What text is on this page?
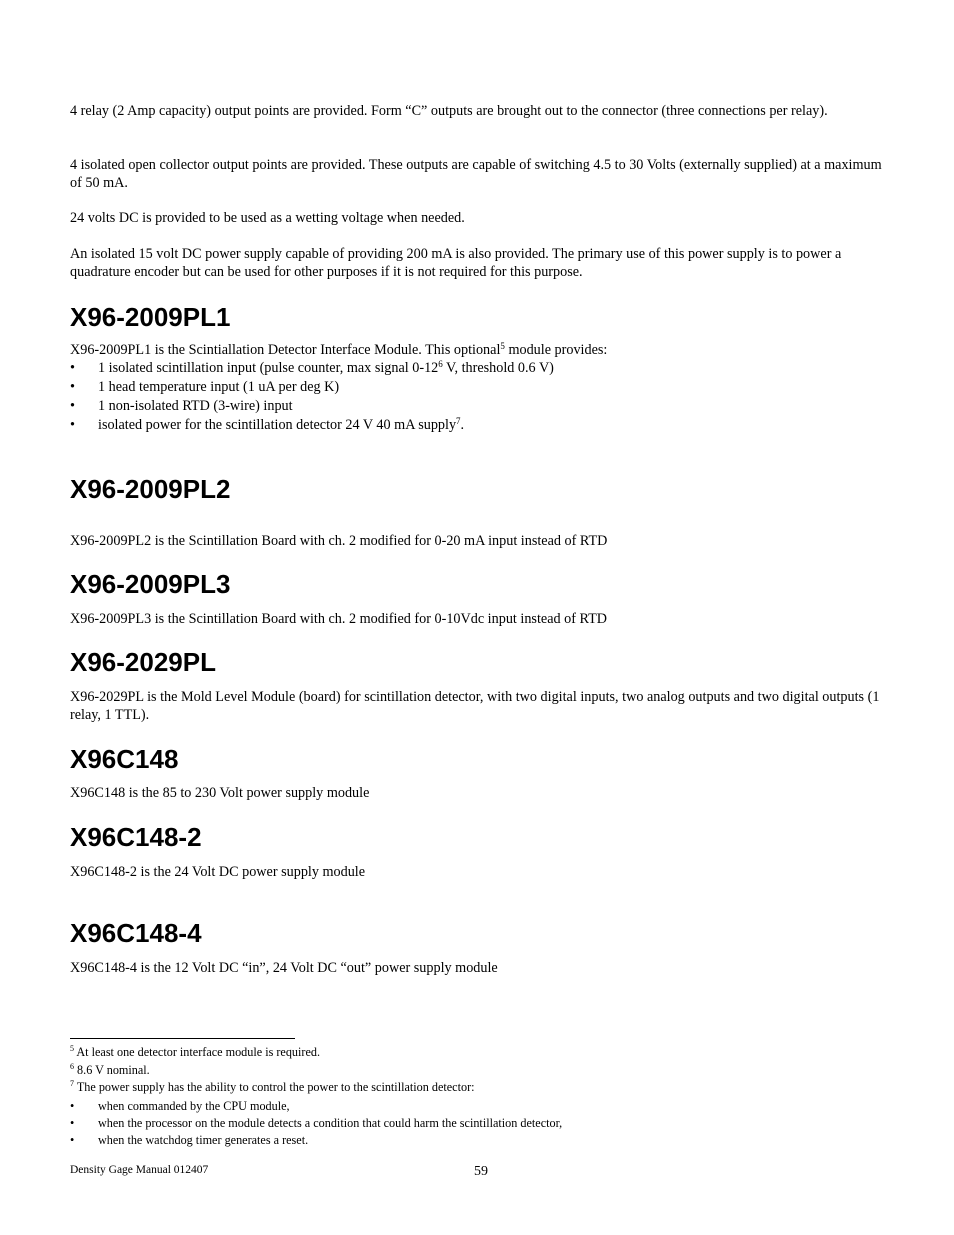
4 relay (2 Amp capacity) output points are provided. Form “C” outputs are brought out to the connector (three connections per relay).

4 isolated open collector output points are provided. These outputs are capable of switching 4.5 to 30 Volts (externally supplied) at a maximum of 50 mA.

24 volts DC is provided to be used as a wetting voltage when needed.

An isolated 15 volt DC power supply capable of providing 200 mA is also provided. The primary use of this power supply is to power a quadrature encoder but can be used for other purposes if it is not required for this purpose.

X96-2009PL1

X96-2009PL1 is the Scintiallation Detector Interface Module. This optional$^5$ module provides:

• 1 isolated scintillation input (pulse counter, max signal $0-12^6$ V, threshold 0.6 V)
• 1 head temperature input (1 uA per deg K)
• 1 non-isolated RTD (3-wire) input
• isolated power for the scintillation detector 24 V 40 mA supply$^7$.
X96-2009PL2

X96-2009PL2 is the Scintillation Board with ch. 2 modified for 0-20 mA input instead of RTD

X96-2009PL3

X96-2009PL3 is the Scintillation Board with ch. 2 modified for 0-10Vdc input instead of RTD

X96-2029PL

X96-2029PL is the Mold Level Module (board) for scintillation detector, with two digital inputs, two analog outputs and two digital outputs (1 relay, 1 TTL).

X96C148

X96C148 is the 85 to 230 Volt power supply module

X96C148-2

X96C148-2 is the 24 Volt DC power supply module

X96C148-4

X96C148-4 is the 12 Volt DC “in”, 24 Volt DC “out” power supply module

$^5$ At least one detector interface module is required.
$^6$ 8.6 V nominal.
$^7$ The power supply has the ability to control the power to the scintillation detector:
• when commanded by the CPU module,
• when the processor on the module detects a condition that could harm the scintillation detector,
• when the watchdog timer generates a reset.
Density Gage Manual 012407	59
